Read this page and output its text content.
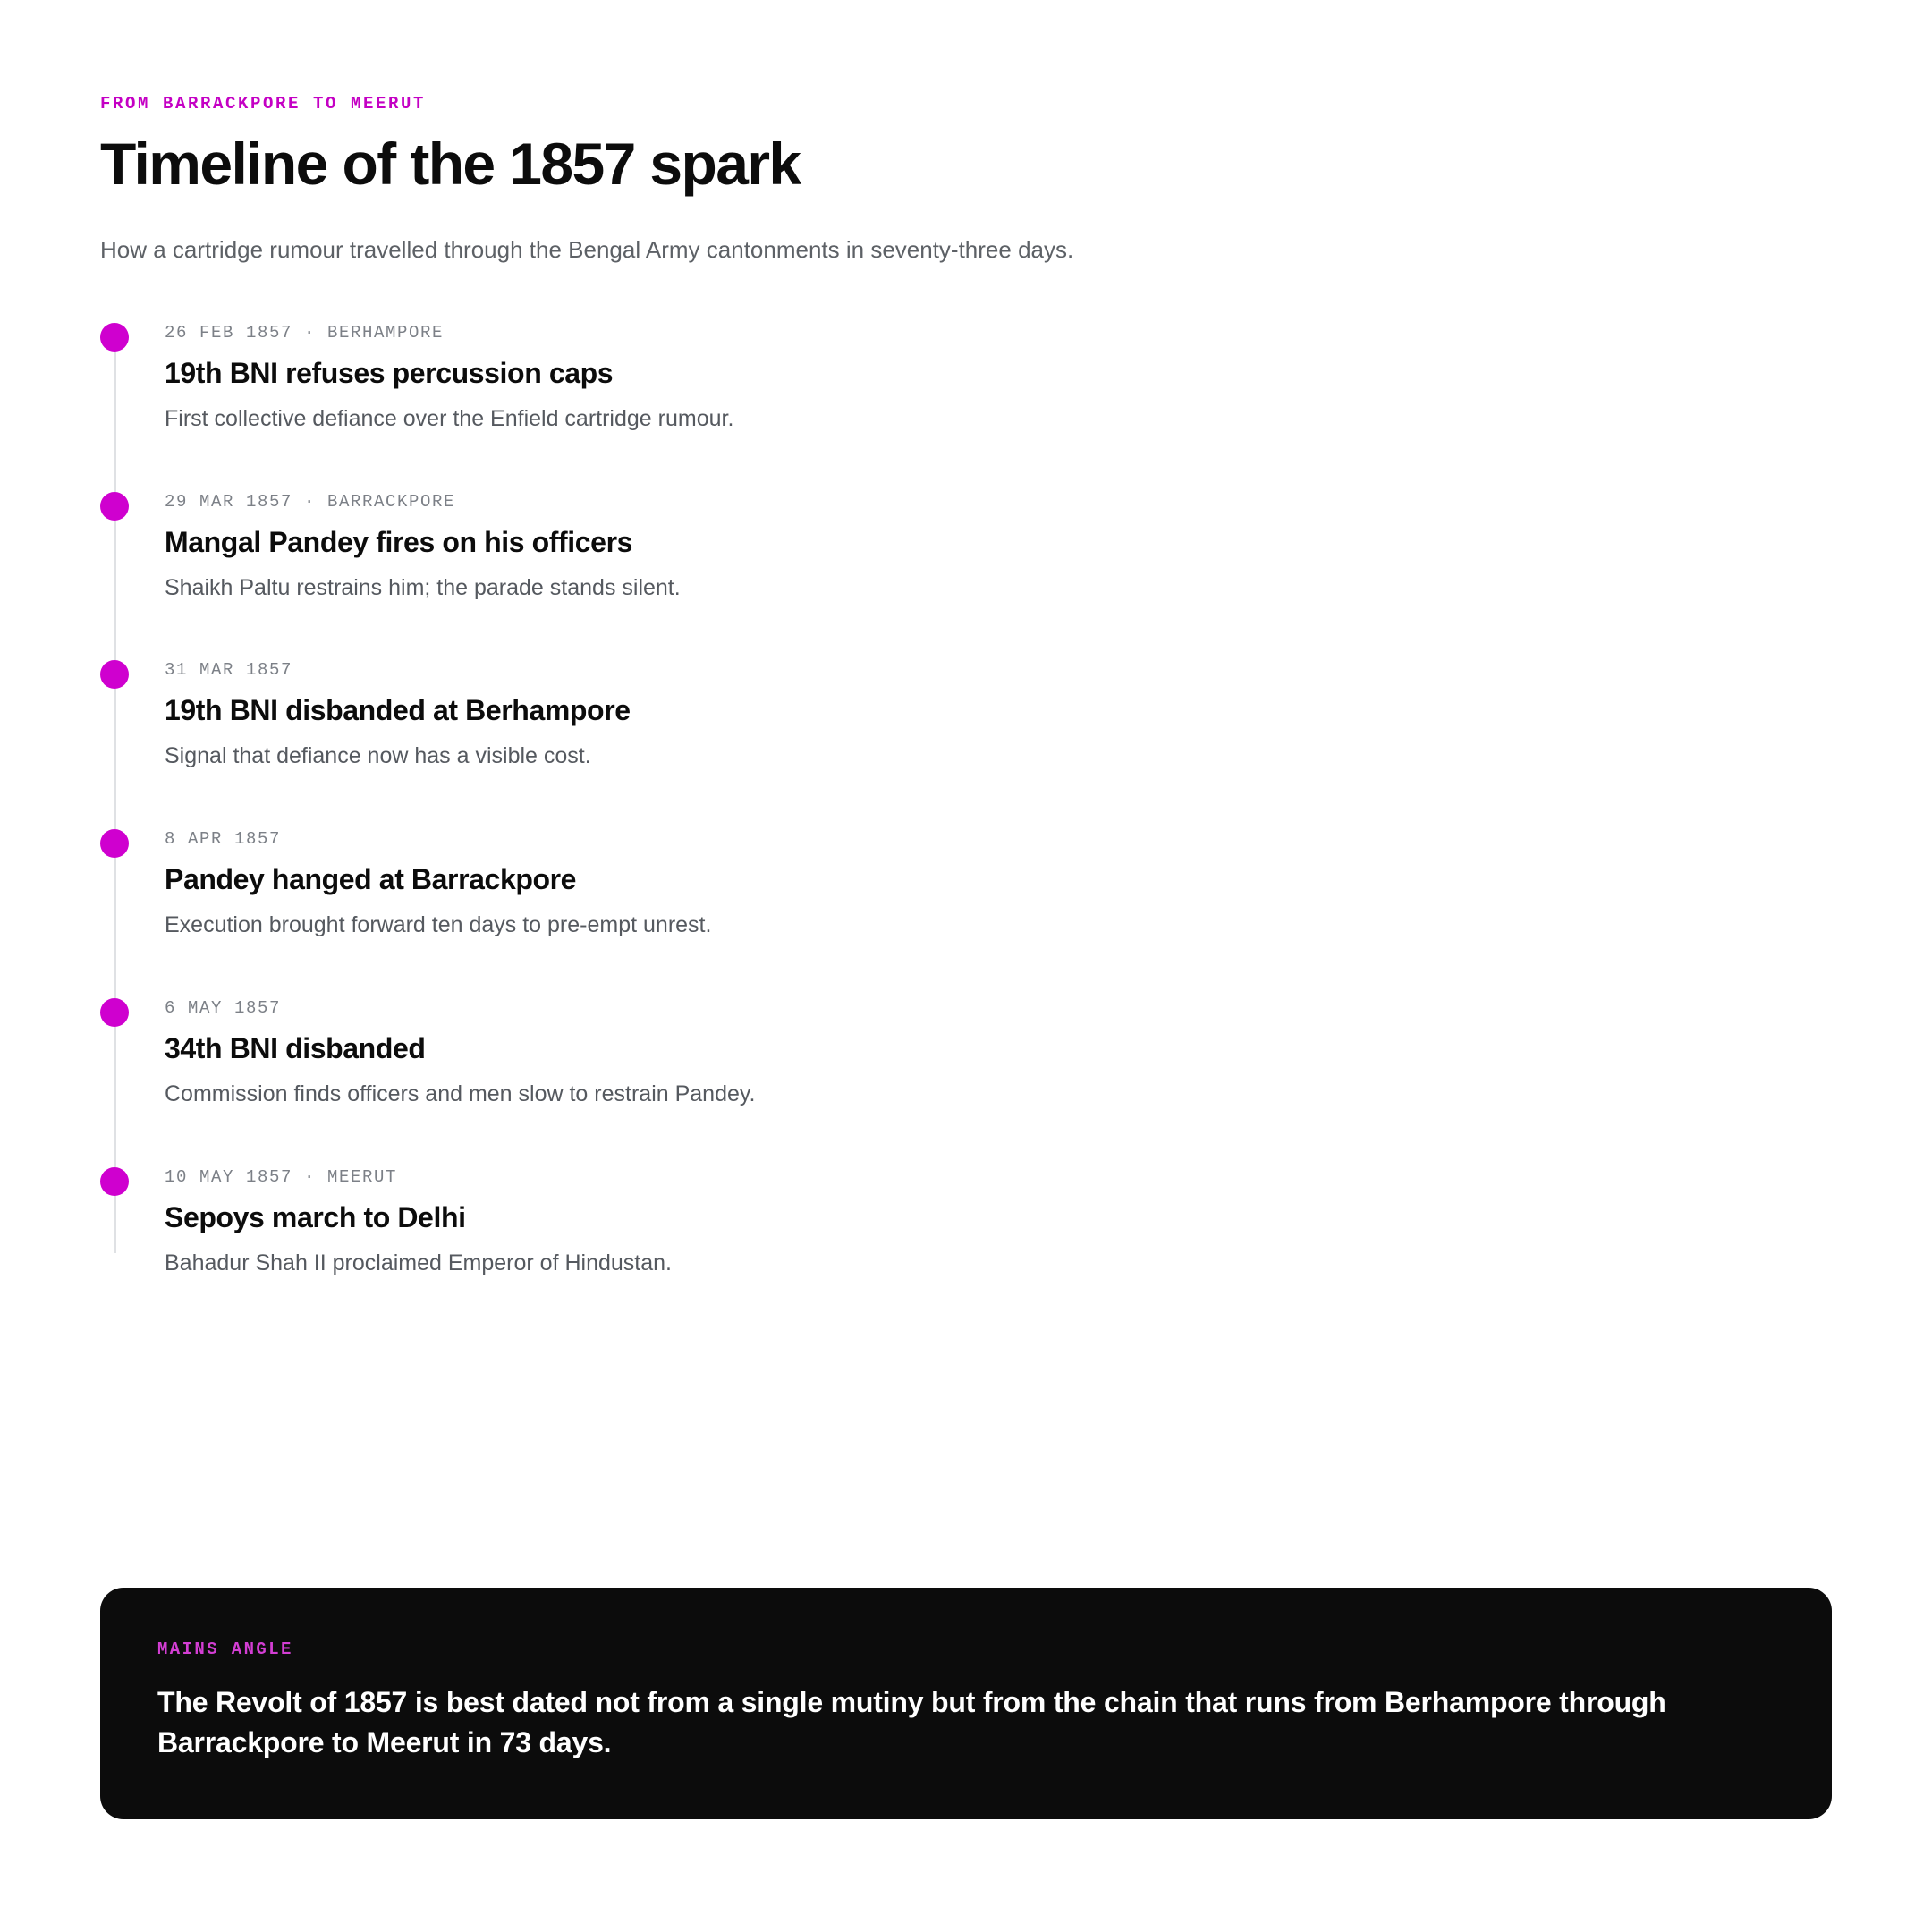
FROM BARRACKPORE TO MEERUT
Timeline of the 1857 spark

How a cartridge rumour travelled through the Bengal Army cantonments in seventy-three days.

26 FEB 1857 · BERHAMPORE
19th BNI refuses percussion caps

First collective defiance over the Enfield cartridge rumour.

29 MAR 1857 · BARRACKPORE
Mangal Pandey fires on his officers

Shaikh Paltu restrains him; the parade stands silent.

31 MAR 1857
19th BNI disbanded at Berhampore

Signal that defiance now has a visible cost.

8 APR 1857
Pandey hanged at Barrackpore

Execution brought forward ten days to pre-empt unrest.

6 MAY 1857
34th BNI disbanded

Commission finds officers and men slow to restrain Pandey.

10 MAY 1857 · MEERUT
Sepoys march to Delhi

Bahadur Shah II proclaimed Emperor of Hindustan.

MAINS ANGLE

The Revolt of 1857 is best dated not from a single mutiny but from the chain that runs from Berhampore through Barrackpore to Meerut in 73 days.
